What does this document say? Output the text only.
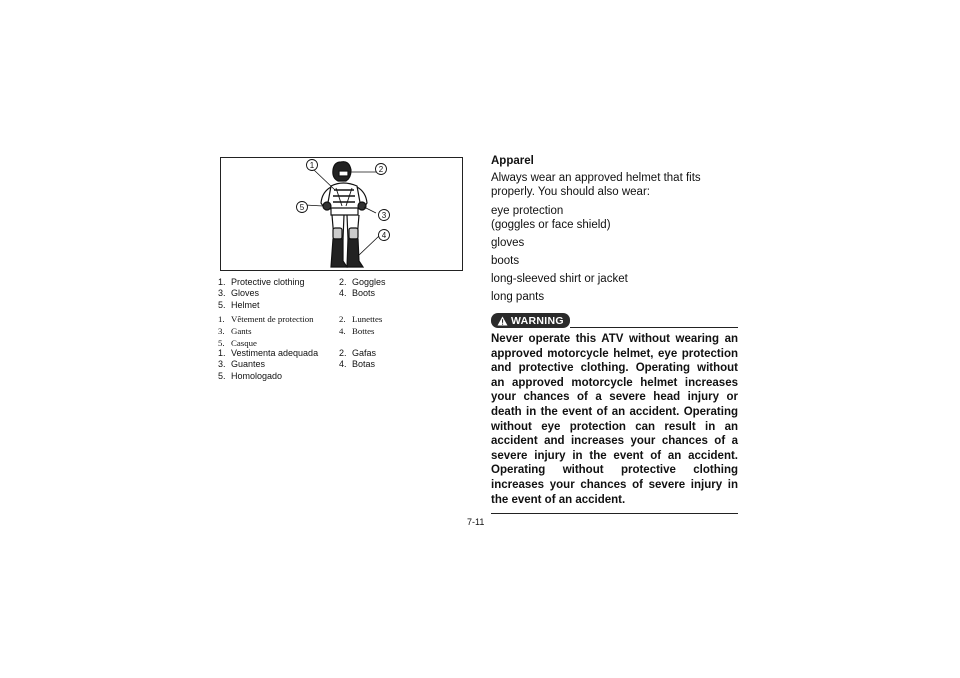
1	2
3
4
5
1. Protective clothing	2. Goggles
3. Gloves	4. Boots
5. Helmet
1. Vêtement de protection	2. Lunettes
3. Gants	4. Bottes
5. Casque
1. Vestimenta adequada 2. Gafas
3. Guantes	4. Botas
5. Homologado
Apparel
Always wear an approved helmet that fits properly. You should also wear:
eye protection
(goggles or face shield)
gloves
boots
long-sleeved shirt or jacket
long pants
WARNING
Never operate this ATV without wearing an approved motorcycle helmet, eye protection and protective clothing. Operating without an approved motorcycle helmet increases your chances of a severe head injury or death in the event of an accident. Operating without eye protection can result in an accident and increases your chances of a severe injury in the event of an accident. Operating without protective clothing increases your chances of severe injury in the event of an accident.
7-11
